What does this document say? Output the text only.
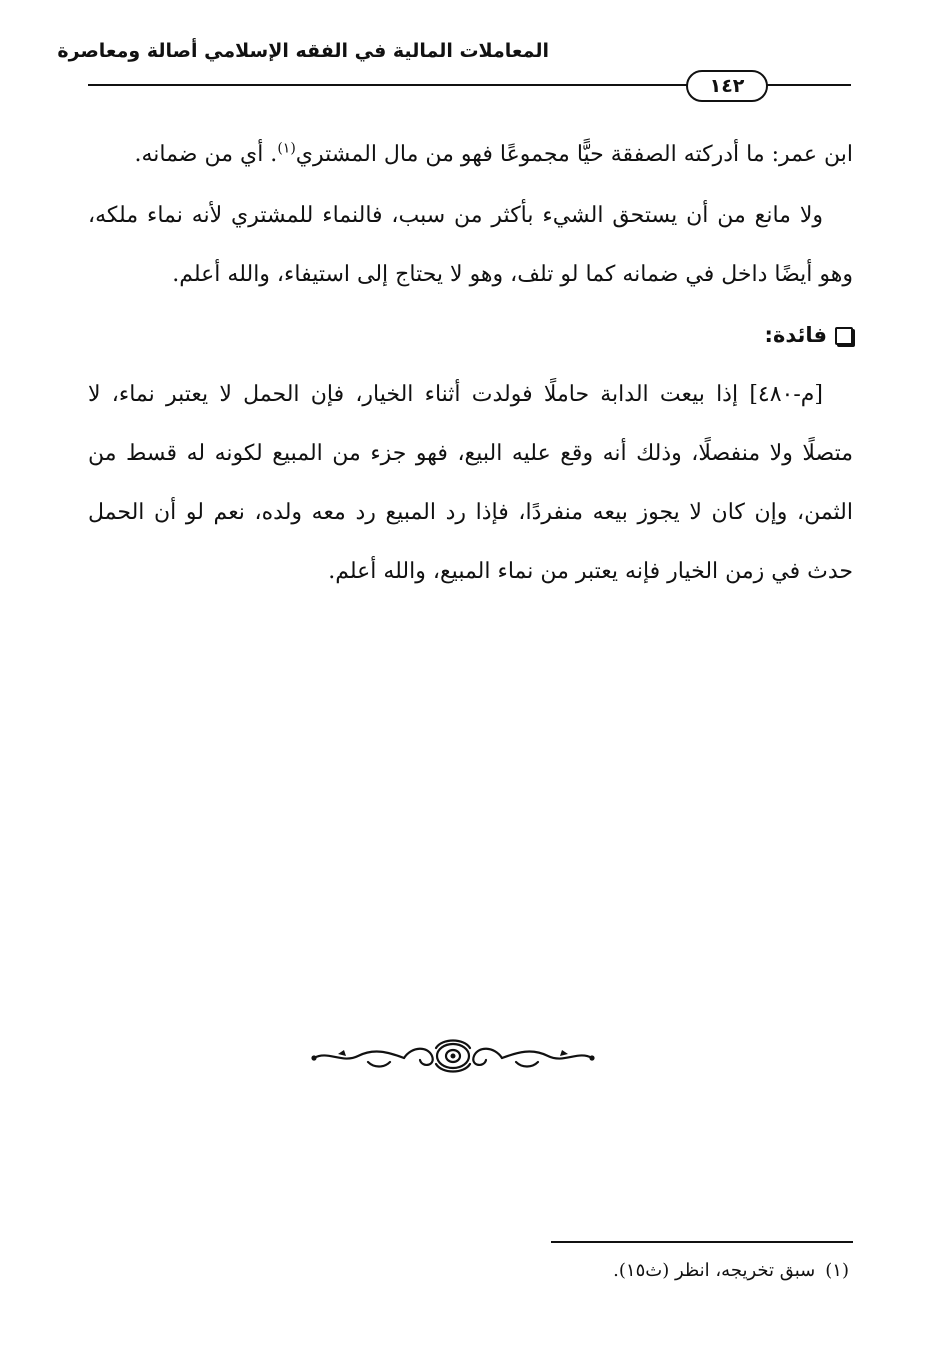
المعاملات المالية في الفقه الإسلامي أصالة ومعاصرة
١٤٢

ابن عمر: ما أدركته الصفقة حيًّا مجموعًا فهو من مال المشتري$^{(١)}$. أي من ضمانه.

ولا مانع من أن يستحق الشيء بأكثر من سبب، فالنماء للمشتري لأنه نماء ملكه، وهو أيضًا داخل في ضمانه كما لو تلف، وهو لا يحتاج إلى استيفاء، والله أعلم.

فائدة:

[م-٤٨٠] إذا بيعت الدابة حاملًا فولدت أثناء الخيار، فإن الحمل لا يعتبر نماء، لا متصلًا ولا منفصلًا، وذلك أنه وقع عليه البيع، فهو جزء من المبيع لكونه له قسط من الثمن، وإن كان لا يجوز بيعه منفردًا، فإذا رد المبيع رد معه ولده، نعم لو أن الحمل حدث في زمن الخيار فإنه يعتبر من نماء المبيع، والله أعلم.

(١)سبق تخريجه، انظر (ث١٥).
